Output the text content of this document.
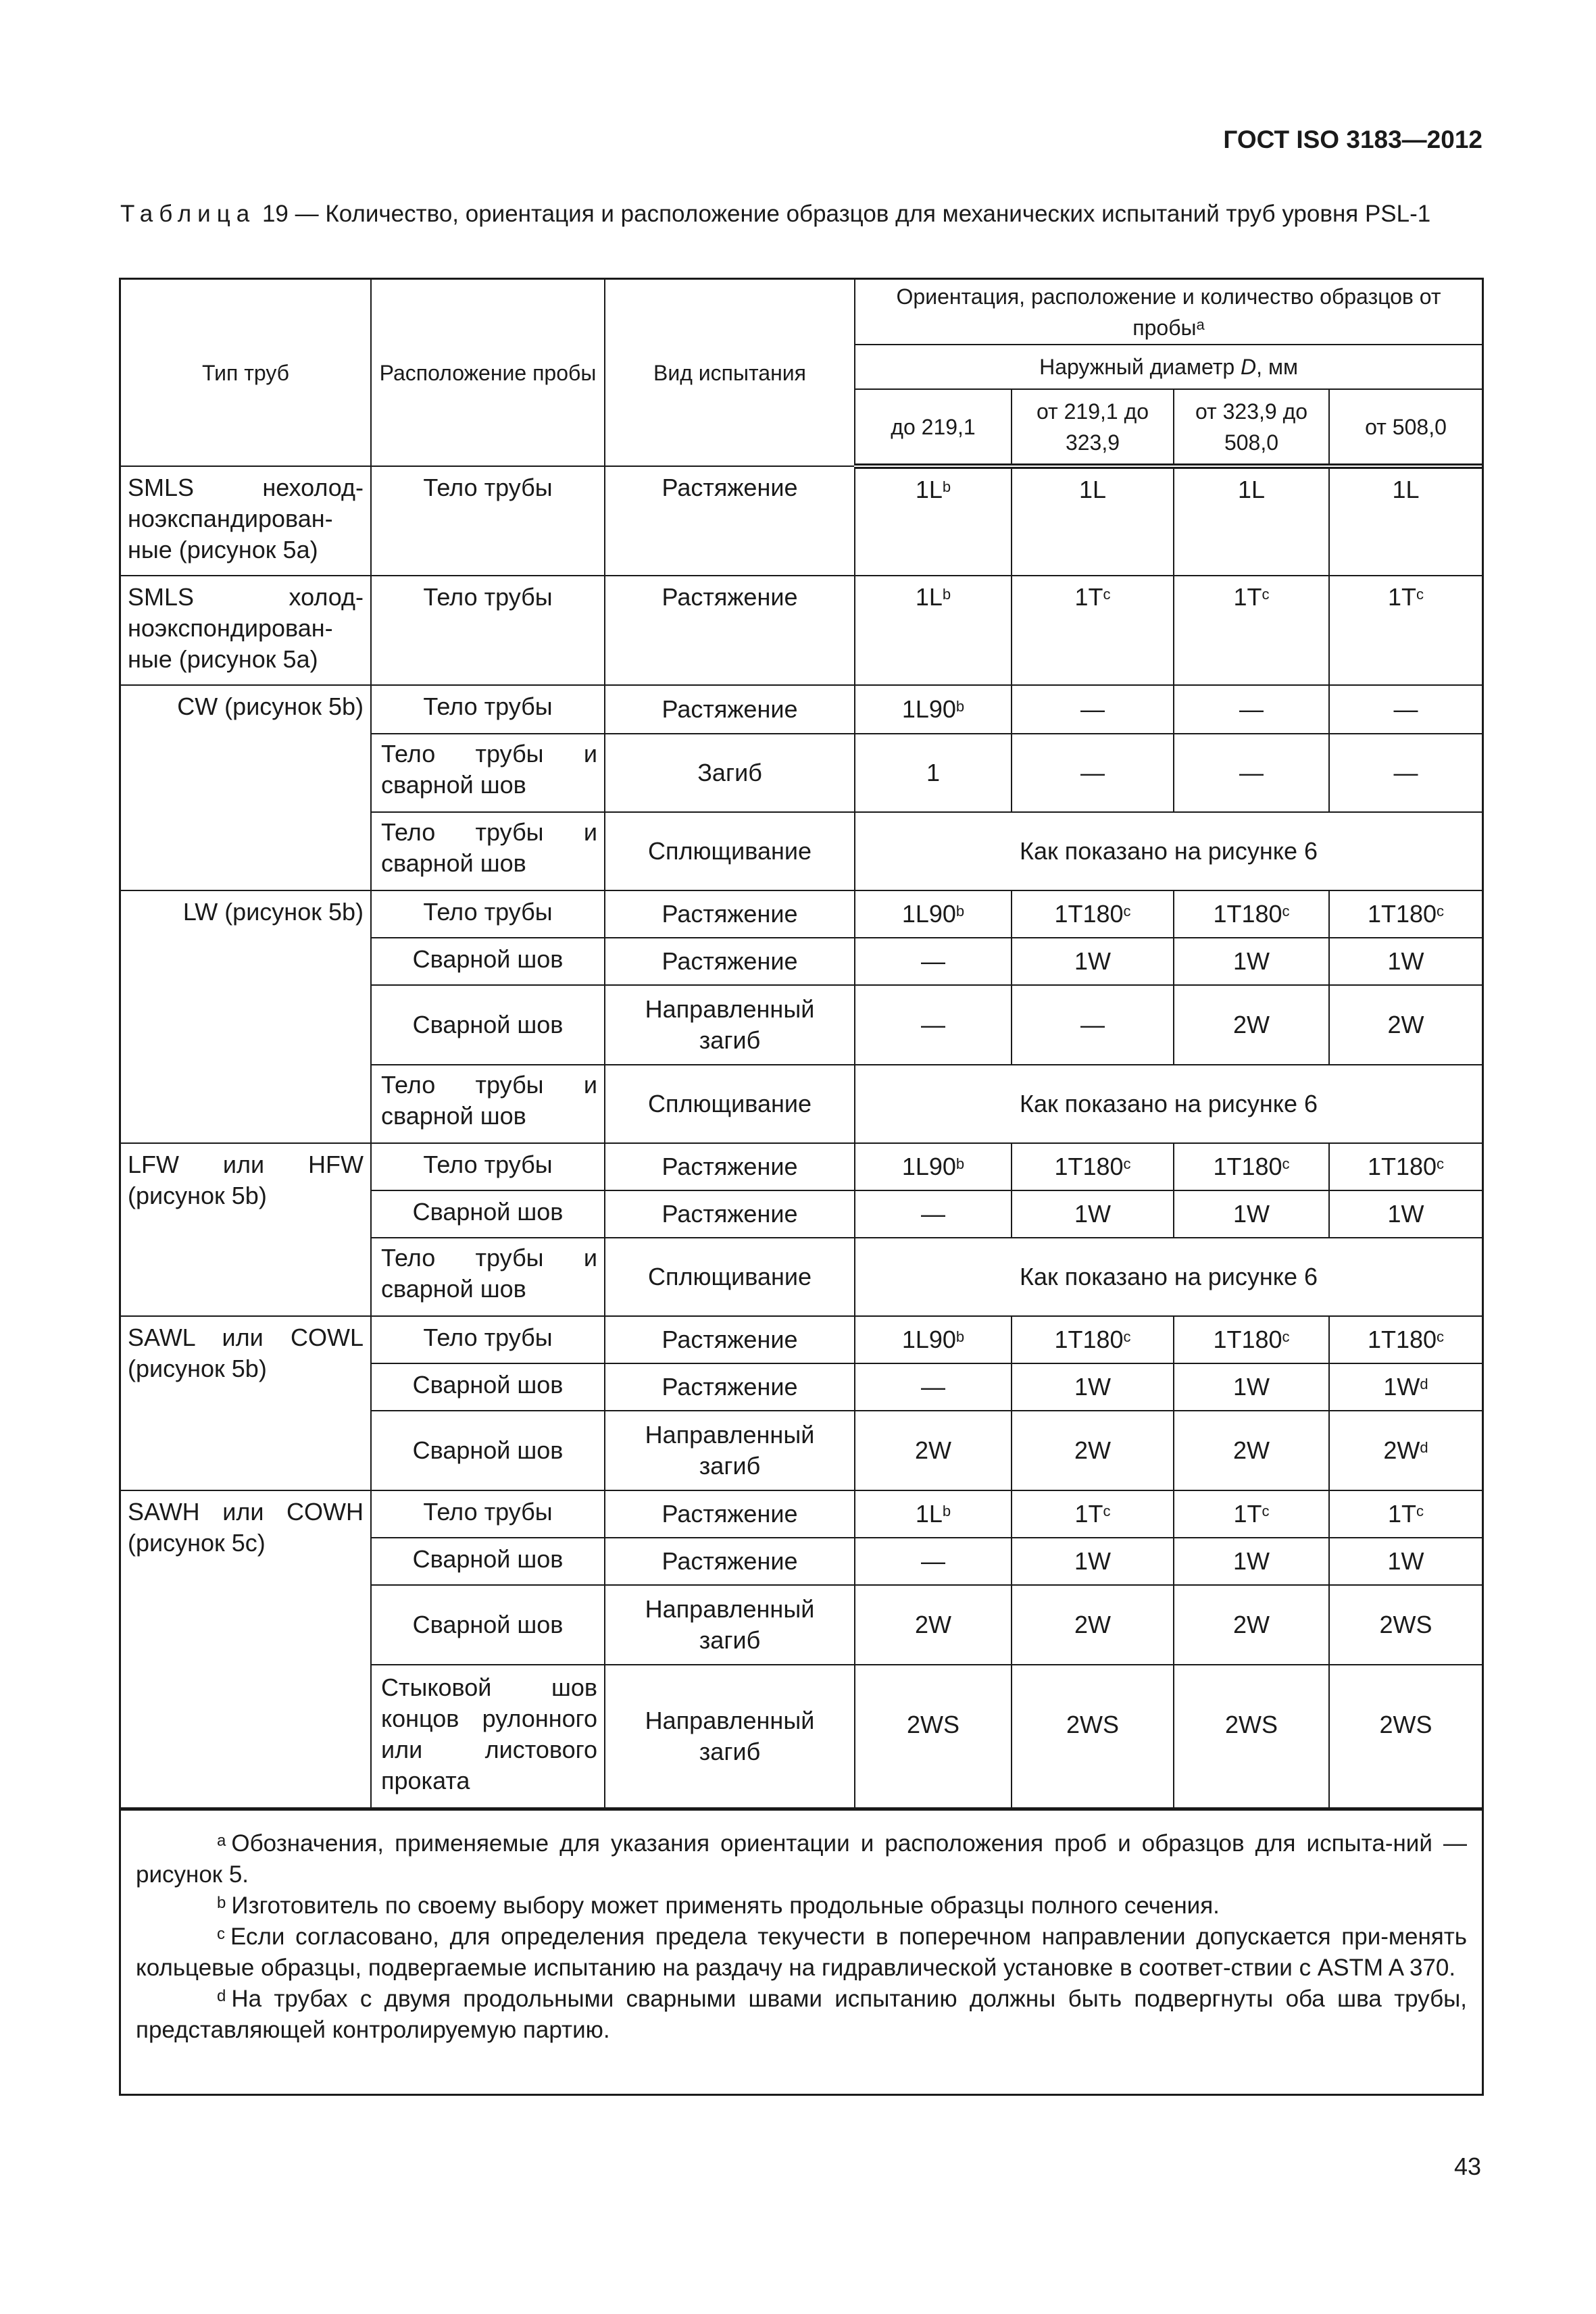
ГОСТ ISO 3183—2012
Таблица 19 — Количество, ориентация и расположение образцов для механических испытаний труб уровня PSL-1
Тип труб	Расположение пробы	Вид испытания	Ориентация, расположение и количество образцов от пробы$^a$
			Наружный диаметр D, мм			
			до 219,1	от 219,1 до 323,9	от 323,9 до 508,0	от 508,0
SMLS нехолод-ноэкспандирован-ные (рисунок 5a)	Тело трубы	Растяжение	$1L^b$	1L	1L	1L
SMLS холод-ноэкспондирован-ные (рисунок 5a)	Тело трубы	Растяжение	$1L^b$	$1T^c$	$1T^c$	$1T^c$
CW (рисунок 5b)	Тело трубы	Растяжение	1L90$^b$	—	—	—
	Тело трубы и сварной шов	Загиб	1	—	—	—
	Тело трубы и сварной шов	Сплющивание	Как показано на рисунке 6			
LW (рисунок 5b)	Тело трубы	Растяжение	1L90$^b$	1T180$^c$	1T180$^c$	1T180$^c$
	Сварной шов	Растяжение	—	1W	1W	1W
	Сварной шов	Направленный загиб	—	—	2W	2W
	Тело трубы и сварной шов	Сплющивание	Как показано на рисунке 6			
LFW или HFW (рисунок 5b)	Тело трубы	Растяжение	1L90$^b$	1T180$^c$	1T180$^c$	1T180$^c$
	Сварной шов	Растяжение	—	1W	1W	1W
	Тело трубы и сварной шов	Сплющивание	Как показано на рисунке 6			
SAWL или COWL (рисунок 5b)	Тело трубы	Растяжение	1L90$^b$	1T180$^c$	1T180$^c$	1T180$^c$
	Сварной шов	Растяжение	—	1W	1W	$1W^d$
	Сварной шов	Направленный загиб	2W	2W	2W	$2W^d$
SAWH или COWH (рисунок 5c)	Тело трубы	Растяжение	$1L^b$	$1T^c$	$1T^c$	$1T^c$
	Сварной шов	Растяжение	—	1W	1W	1W
	Сварной шов	Направленный загиб	2W	2W	2W	2WS
	Стыковой шов концов рулонного или листового проката	Направленный загиб	2WS	2WS	2WS	2WS

$^a$ Обозначения, применяемые для указания ориентации и расположения проб и образцов для испыта-ний — рисунок 5.

$^b$ Изготовитель по своему выбору может применять продольные образцы полного сечения.

$^c$ Если согласовано, для определения предела текучести в поперечном направлении допускается при-менять кольцевые образцы, подвергаемые испытанию на раздачу на гидравлической установке в соответ-ствии с ASTM A 370.

$^d$ На трубах с двумя продольными сварными швами испытанию должны быть подвергнуты оба шва трубы, представляющей контролируемую партию.

43
